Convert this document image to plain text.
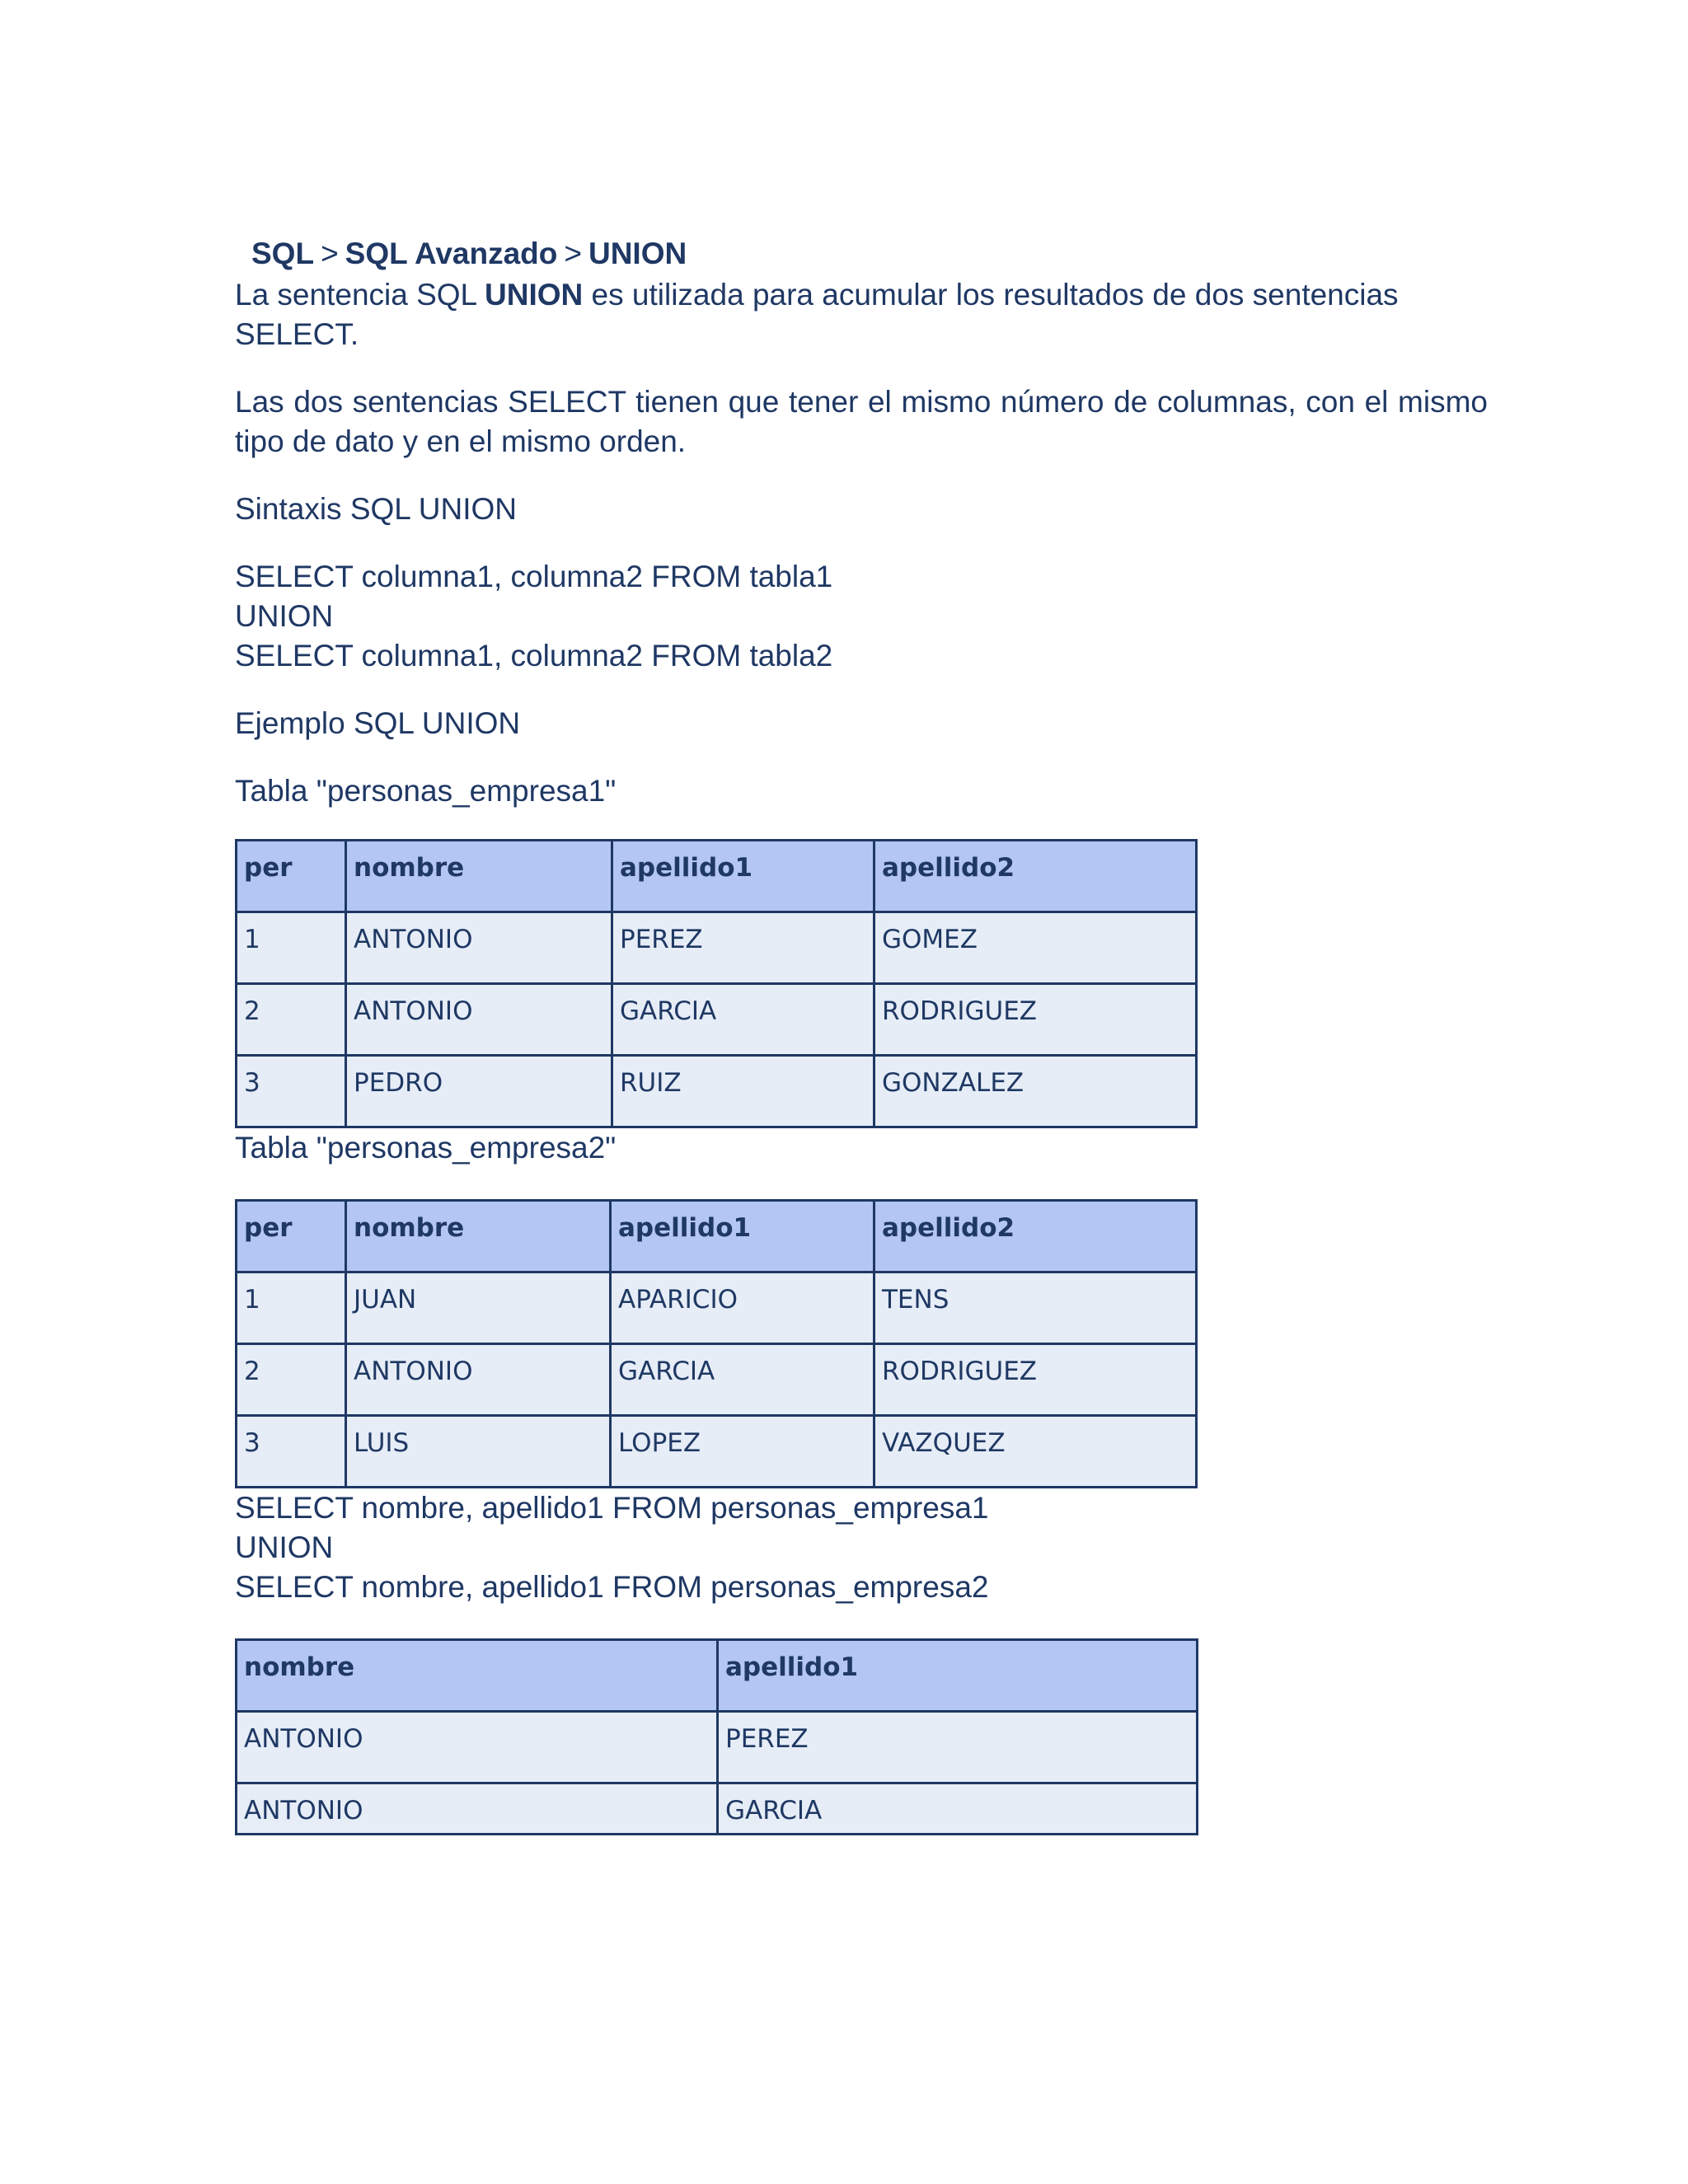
SQL > SQL Avanzado > UNION

La sentencia SQL UNION es utilizada para acumular los resultados de dos sentencias SELECT.

Las dos sentencias SELECT tienen que tener el mismo número de columnas, con el mismo tipo de dato y en el mismo orden.

Sintaxis SQL UNION

SELECT columna1, columna2 FROM tabla1

UNION

SELECT columna1, columna2 FROM tabla2

Ejemplo SQL UNION

Tabla "personas_empresa1"

per	nombre	apellido1	apellido2
1	ANTONIO	PEREZ	GOMEZ
2	ANTONIO	GARCIA	RODRIGUEZ
3	PEDRO	RUIZ	GONZALEZ

Tabla "personas_empresa2"

per	nombre	apellido1	apellido2
1	JUAN	APARICIO	TENS
2	ANTONIO	GARCIA	RODRIGUEZ
3	LUIS	LOPEZ	VAZQUEZ

SELECT nombre, apellido1 FROM personas_empresa1

UNION

SELECT nombre, apellido1 FROM personas_empresa2

nombre	apellido1
ANTONIO	PEREZ
ANTONIO	GARCIA
